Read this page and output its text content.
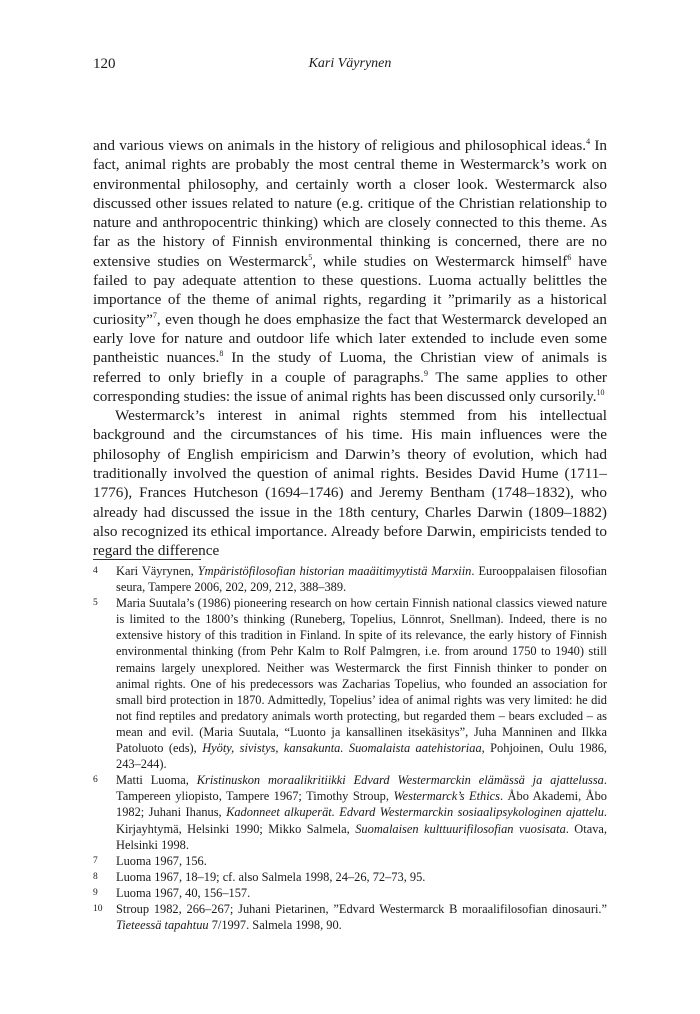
120	Kari Väyrynen

and various views on animals in the history of religious and philosophical ideas.$^4$ In fact, animal rights are probably the most central theme in Westermarck’s work on environmental philosophy, and certainly worth a closer look. Westermarck also discussed other issues related to nature (e.g. critique of the Christian relationship to nature and anthropocentric thinking) which are closely connected to this theme. As far as the history of Finnish environmental thinking is concerned, there are no extensive studies on Westermarck$^5$, while studies on Westermarck himself$^6$ have failed to pay adequate attention to these questions. Luoma actually belittles the importance of the theme of animal rights, regarding it ”primarily as a historical curiosity”$^7$, even though he does emphasize the fact that Westermarck developed an early love for nature and outdoor life which later extended to include even some pantheistic nuances.$^8$ In the study of Luoma, the Christian view of animals is referred to only briefly in a couple of paragraphs.$^9$ The same applies to other corresponding studies: the issue of animal rights has been discussed only cursorily.$^{10}$

Westermarck’s interest in animal rights stemmed from his intellectual background and the circumstances of his time. His main influences were the philosophy of English empiricism and Darwin’s theory of evolution, which had traditionally involved the question of animal rights. Besides David Hume (1711–1776), Frances Hutcheson (1694–1746) and Jeremy Bentham (1748–1832), who already had discussed the issue in the 18th century, Charles Darwin (1809–1882) also recognized its ethical importance. Already before Darwin, empiricists tended to regard the difference

4	Kari Väyrynen, Ympäristöfilosofian historian maaäitimyytistä Marxiin. Eurooppalaisen filosofian seura, Tampere 2006, 202, 209, 212, 388–389.
5	Maria Suutala’s (1986) pioneering research on how certain Finnish national classics viewed nature is limited to the 1800’s thinking (Runeberg, Topelius, Lönnrot, Snellman). Indeed, there is no extensive history of this tradition in Finland. In spite of its relevance, the early history of Finnish environmental thinking (from Pehr Kalm to Rolf Palmgren, i.e. from around 1750 to 1940) still remains largely unexplored. Neither was Westermarck the first Finnish thinker to ponder on animal rights. One of his predecessors was Zacharias Topelius, who founded an association for small bird protection in 1870. Admittedly, Topelius’ idea of animal rights was very limited: he did not find reptiles and predatory animals worth protecting, but regarded them – bears excluded – as mean and evil. (Maria Suutala, “Luonto ja kansallinen itsekäsitys”, Juha Manninen and Ilkka Patoluoto (eds), Hyöty, sivistys, kansakunta. Suomalaista aatehistoriaa, Pohjoinen, Oulu 1986, 243–244).
6	Matti Luoma, Kristinuskon moraalikritiikki Edvard Westermarckin elämässä ja ajattelussa. Tampereen yliopisto, Tampere 1967; Timothy Stroup, Westermarck’s Ethics. Åbo Akademi, Åbo 1982; Juhani Ihanus, Kadonneet alkuperät. Edvard Westermarckin sosiaalipsykologinen ajattelu. Kirjayhtymä, Helsinki 1990; Mikko Salmela, Suomalaisen kulttuurifilosofian vuosisata. Otava, Helsinki 1998.
7	Luoma 1967, 156.
8	Luoma 1967, 18–19; cf. also Salmela 1998, 24–26, 72–73, 95.
9	Luoma 1967, 40, 156–157.
10	Stroup 1982, 266–267; Juhani Pietarinen, ”Edvard Westermarck B moraalifilosofian dinosauri.” Tieteessä tapahtuu 7/1997. Salmela 1998, 90.
